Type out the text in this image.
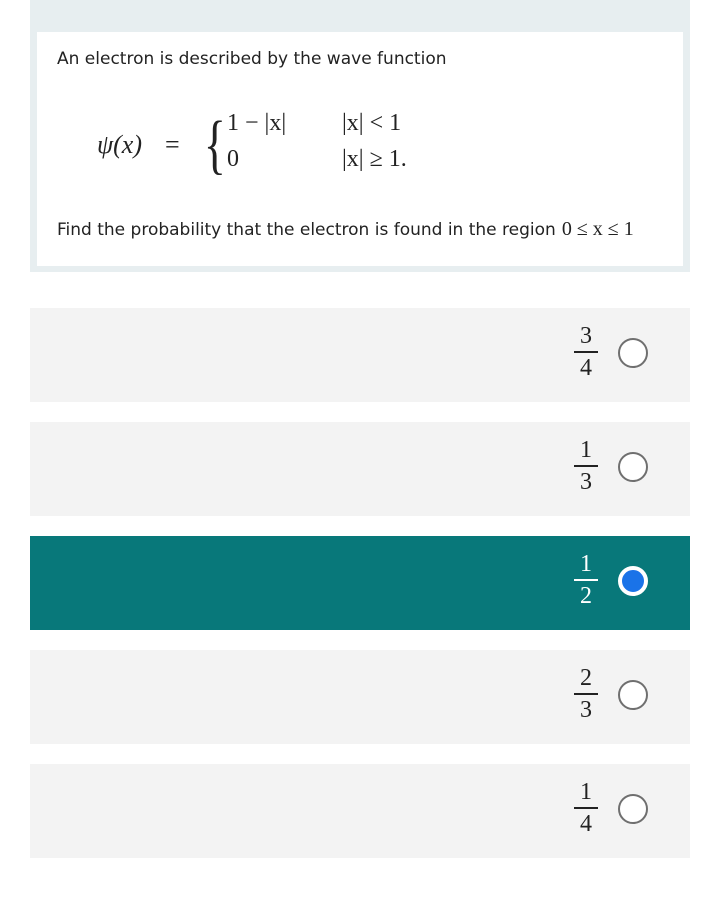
An electron is described by the wave function

ψ(x) = { 1 − |x| |x| < 1
0	|x| ≥ 1.

Find the probability that the electron is found in the region 0 ≤ x ≤ 1

3
4
1
3
1
2
2
3
1
4
